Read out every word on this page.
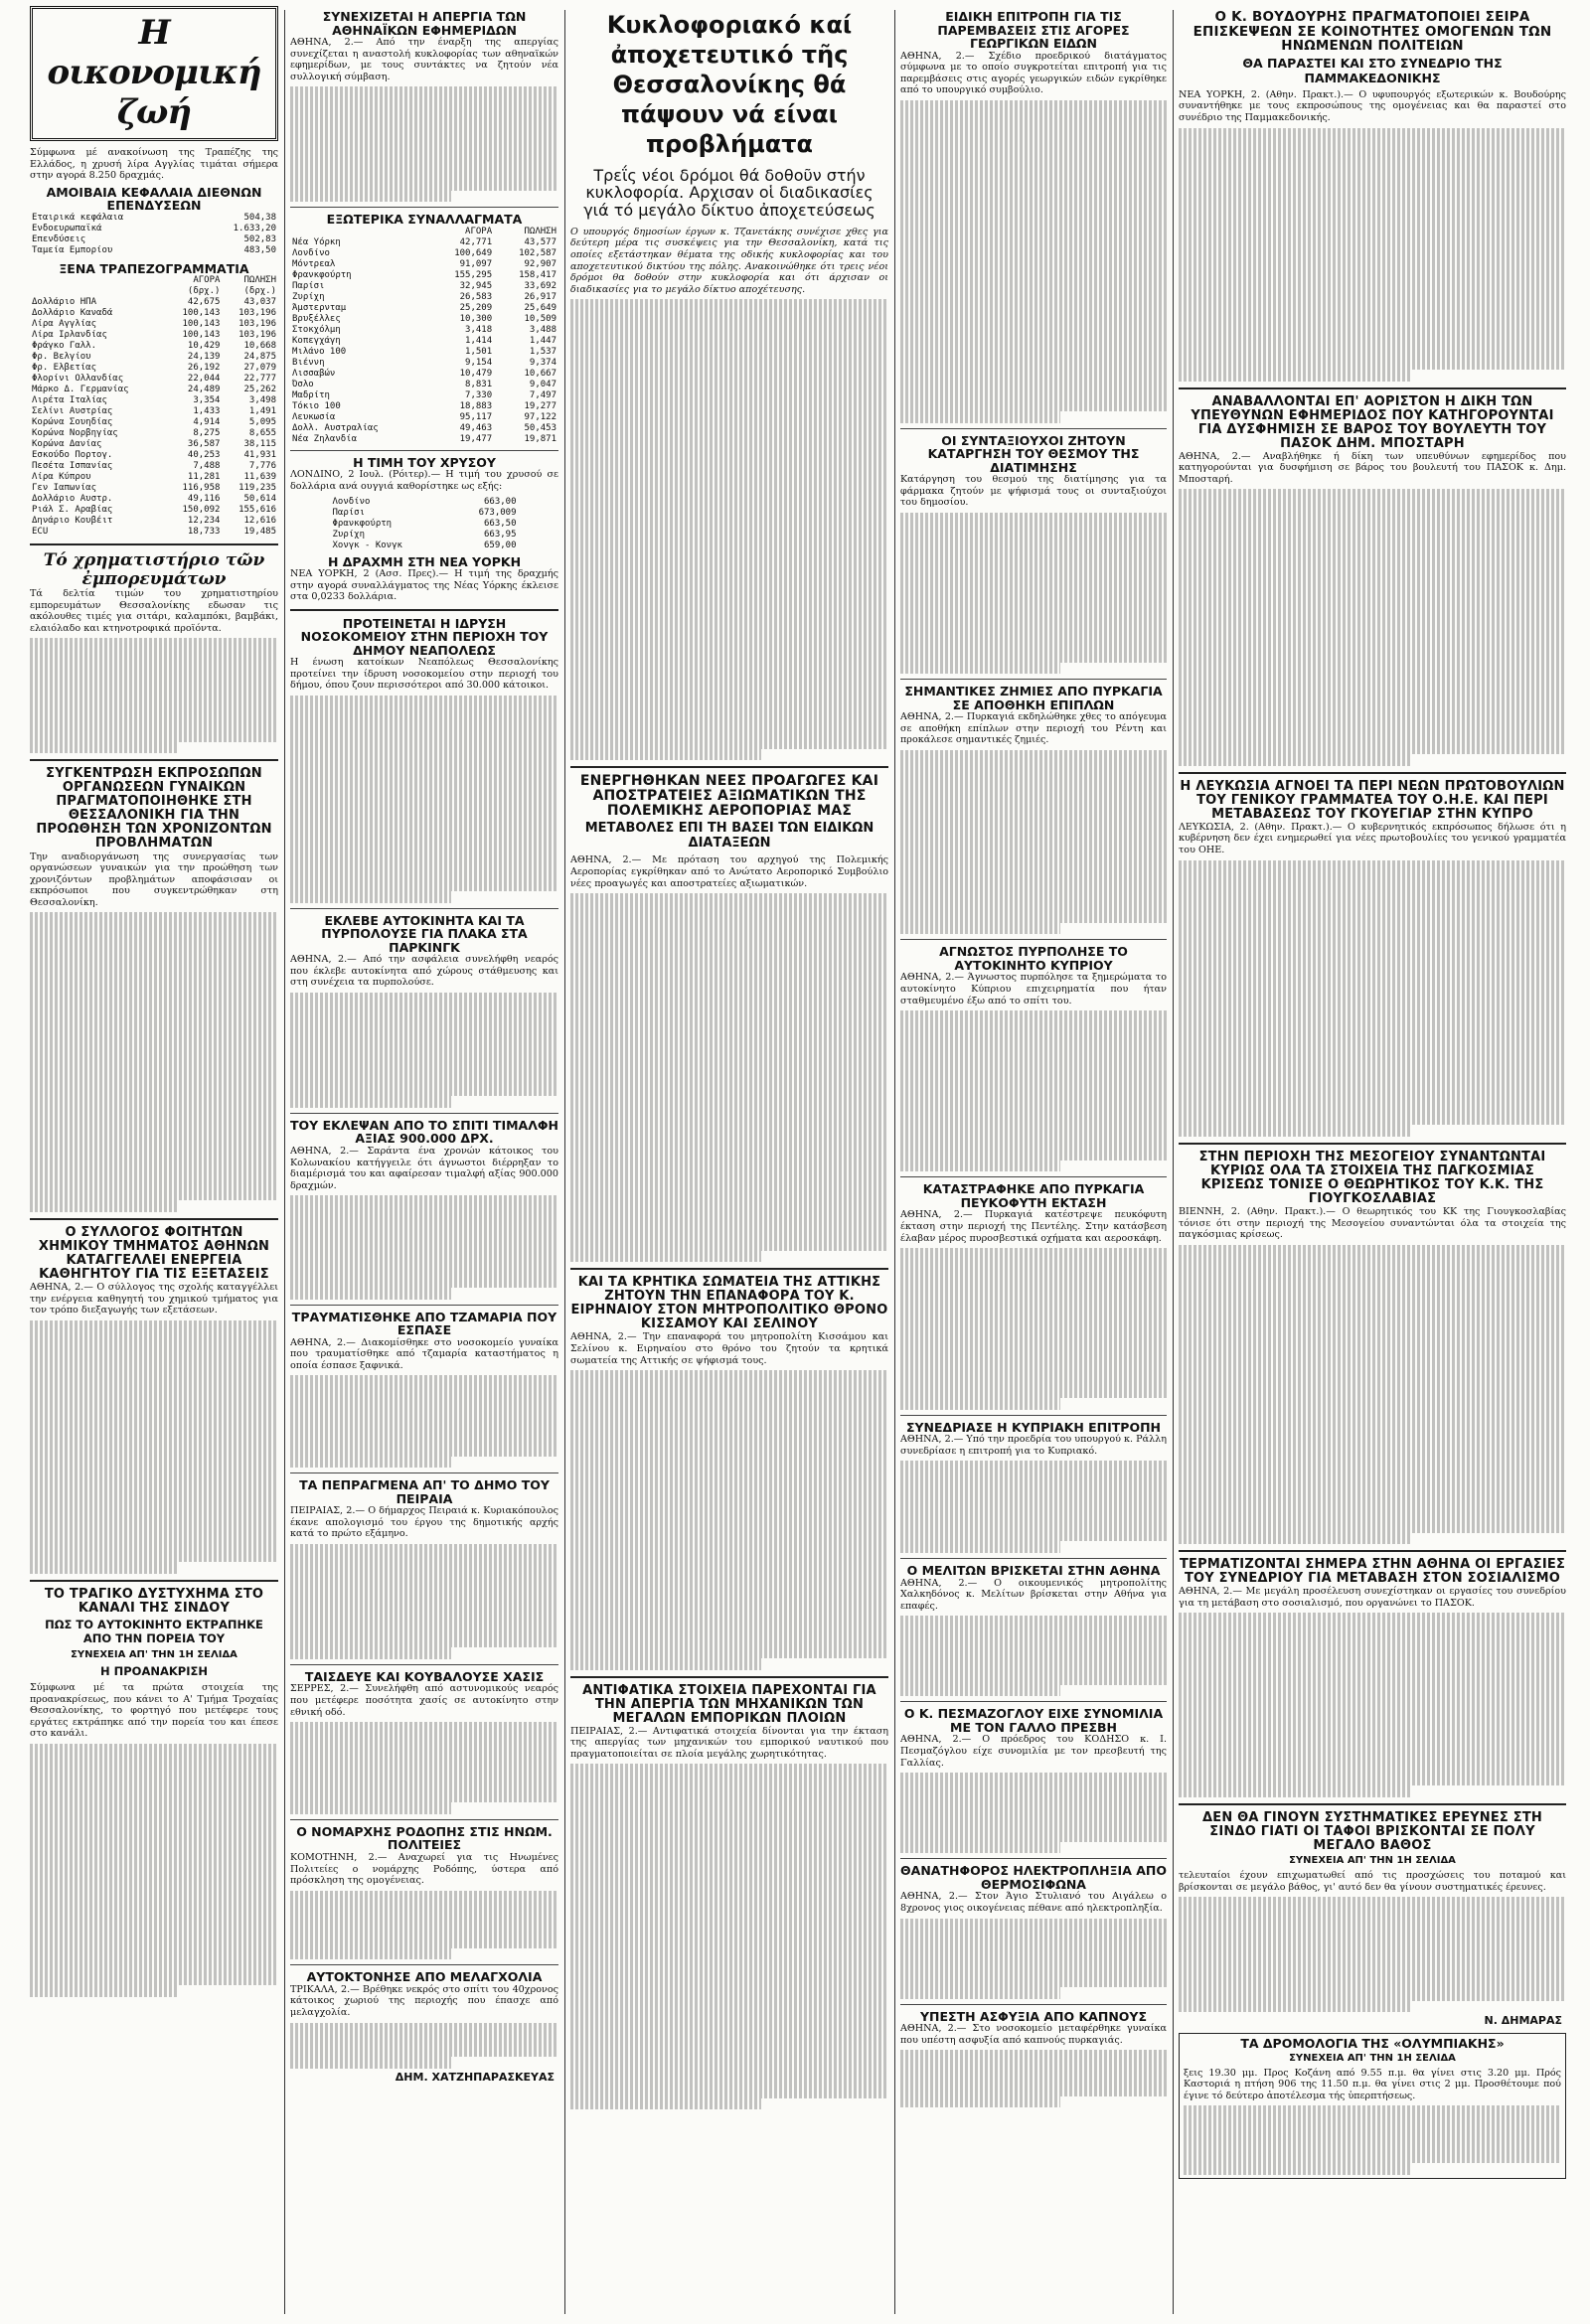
Η οικονομική ζωή

Σύμφωνα μέ ανακοίνωση της Τραπέζης της Ελλάδος, η χρυσή λίρα Αγγλίας τιμάται σήμερα στην αγορά 8.250 δραχμάς.

ΑΜΟΙΒΑΙΑ ΚΕΦΑΛΑΙΑ ΔΙΕΘΝΩΝ ΕΠΕΝΔΥΣΕΩΝ
Εταιρικά κεφάλαια	504,38
Ενδοευρωπαϊκά	1.633,20
Επενδύσεις	502,83
Ταμεία Εμπορίου	483,50
ΞΕΝΑ ΤΡΑΠΕΖΟΓΡΑΜΜΑΤΙΑ
	ΑΓΟΡΑ	ΠΩΛΗΣΗ
	(δρχ.)	(δρχ.)
Δολλάριο ΗΠΑ	42,675	43,037
Δολλάριο Καναδά	100,143	103,196
Λίρα Αγγλίας	100,143	103,196
Λίρα Ιρλανδίας	100,143	103,196
Φράγκο Γαλλ.	10,429	10,668
Φρ. Βελγίου	24,139	24,875
Φρ. Ελβετίας	26,192	27,079
Φλορίνι Ολλανδίας	22,044	22,777
Μάρκο Δ. Γερμανίας	24,489	25,262
Λιρέτα Ιταλίας	3,354	3,498
Σελίνι Αυστρίας	1,433	1,491
Κορώνα Σουηδίας	4,914	5,095
Κορώνα Νορβηγίας	8,275	8,655
Κορώνα Δανίας	36,587	38,115
Εσκούδο Πορτογ.	40,253	41,931
Πεσέτα Ισπανίας	7,488	7,776
Λίρα Κύπρου	11,281	11,639
Γεν Ιαπωνίας	116,958	119,235
Δολλάριο Αυστρ.	49,116	50,614
Ριάλ Σ. Αραβίας	150,092	155,616
Δηνάριο Κουβέιτ	12,234	12,616
ECU	18,733	19,485
Τό χρηματιστήριο τῶν ἐμπορευμάτων

Τά δελτία τιμών του χρηματιστηρίου εμπορευμάτων Θεσσαλονίκης εδωσαν τις ακόλουθες τιμές για σιτάρι, καλαμπόκι, βαμβάκι, ελαιόλαδο και κτηνοτροφικά προϊόντα.

ΣΥΓΚΕΝΤΡΩΣΗ ΕΚΠΡΟΣΩΠΩΝ ΟΡΓΑΝΩΣΕΩΝ ΓΥΝΑΙΚΩΝ ΠΡΑΓΜΑΤΟΠΟΙΗΘΗΚΕ ΣΤΗ ΘΕΣΣΑΛΟΝΙΚΗ ΓΙΑ ΤΗΝ ΠΡΟΩΘΗΣΗ ΤΩΝ ΧΡΟΝΙΖΟΝΤΩΝ ΠΡΟΒΛΗΜΑΤΩΝ

Την αναδιοργάνωση της συνεργασίας των οργανώσεων γυναικών για την προώθηση των χρονιζόντων προβλημάτων αποφάσισαν οι εκπρόσωποι που συγκεντρώθηκαν στη Θεσσαλονίκη.

Ο ΣΥΛΛΟΓΟΣ ΦΟΙΤΗΤΩΝ ΧΗΜΙΚΟΥ ΤΜΗΜΑΤΟΣ ΑΘΗΝΩΝ ΚΑΤΑΓΓΕΛΛΕΙ ΕΝΕΡΓΕΙΑ ΚΑΘΗΓΗΤΟΥ ΓΙΑ ΤΙΣ ΕΞΕΤΑΣΕΙΣ

ΑΘΗΝΑ, 2.— Ο σύλλογος της σχολής καταγγέλλει την ενέργεια καθηγητή του χημικού τμήματος για τον τρόπο διεξαγωγής των εξετάσεων.

ΤΟ ΤΡΑΓΙΚΟ ΔΥΣΤΥΧΗΜΑ ΣΤΟ ΚΑΝΑΛΙ ΤΗΣ ΣΙΝΔΟΥ
ΠΩΣ ΤΟ ΑΥΤΟΚΙΝΗΤΟ ΕΚΤΡΑΠΗΚΕ ΑΠΟ ΤΗΝ ΠΟΡΕΙΑ ΤΟΥ
ΣΥΝΕΧΕΙΑ ΑΠ' ΤΗΝ 1Η ΣΕΛΙΔΑ
Η ΠΡΟΑΝΑΚΡΙΣΗ

Σύμφωνα μέ τα πρώτα στοιχεία της προανακρίσεως, που κάνει το Α' Τμήμα Τροχαίας Θεσσαλονίκης, το φορτηγό που μετέφερε τους εργάτες εκτράπηκε από την πορεία του και έπεσε στο κανάλι.

ΣΥΝΕΧΙΖΕΤΑΙ Η ΑΠΕΡΓΙΑ ΤΩΝ ΑΘΗΝΑΪΚΩΝ ΕΦΗΜΕΡΙΔΩΝ

ΑΘΗΝΑ, 2.— Από την έναρξη της απεργίας συνεχίζεται η αναστολή κυκλοφορίας των αθηναϊκών εφημερίδων, με τους συντάκτες να ζητούν νέα συλλογική σύμβαση.

ΕΞΩΤΕΡΙΚΑ ΣΥΝΑΛΛΑΓΜΑΤΑ
	ΑΓΟΡΑ	ΠΩΛΗΣΗ
Νέα Υόρκη	42,771	43,577
Λονδίνο	100,649	102,587
Μόντρεαλ	91,097	92,907
Φρανκφούρτη	155,295	158,417
Παρίσι	32,945	33,692
Ζυρίχη	26,583	26,917
Άμστερνταμ	25,209	25,649
Βρυξέλλες	10,300	10,509
Στοκχόλμη	3,418	3,488
Κοπεγχάγη	1,414	1,447
Μιλάνο 100	1,501	1,537
Βιέννη	9,154	9,374
Λισσαβών	10,479	10,667
Όσλο	8,831	9,047
Μαδρίτη	7,330	7,497
Τόκιο 100	18,883	19,277
Λευκωσία	95,117	97,122
Δολλ. Αυστραλίας	49,463	50,453
Νέα Ζηλανδία	19,477	19,871
Η ΤΙΜΗ ΤΟΥ ΧΡΥΣΟΥ

ΛΟΝΔΙΝΟ, 2 Ιουλ. (Ρόιτερ).— Η τιμή του χρυσού σε δολλάρια ανά ουγγιά καθορίστηκε ως εξής:

Λονδίνο	663,00
Παρίσι	673,009
Φρανκφούρτη	663,50
Ζυρίχη	663,95
Χονγκ - Κονγκ	659,00
Η ΔΡΑΧΜΗ ΣΤΗ ΝΕΑ ΥΟΡΚΗ

ΝΕΑ ΥΟΡΚΗ, 2 (Ασσ. Πρες).— Η τιμή της δραχμής στην αγορά συναλλάγματος της Νέας Υόρκης έκλεισε στα 0,0233 δολλάρια.

ΠΡΟΤΕΙΝΕΤΑΙ Η ΙΔΡΥΣΗ ΝΟΣΟΚΟΜΕΙΟΥ ΣΤΗΝ ΠΕΡΙΟΧΗ ΤΟΥ ΔΗΜΟΥ ΝΕΑΠΟΛΕΩΣ

Η ένωση κατοίκων Νεαπόλεως Θεσσαλονίκης προτείνει την ίδρυση νοσοκομείου στην περιοχή του δήμου, όπου ζουν περισσότεροι από 30.000 κάτοικοι.

ΕΚΛΕΒΕ ΑΥΤΟΚΙΝΗΤΑ ΚΑΙ ΤΑ ΠΥΡΠΟΛΟΥΣΕ ΓΙΑ ΠΛΑΚΑ ΣΤΑ ΠΑΡΚΙΝΓΚ

ΑΘΗΝΑ, 2.— Από την ασφάλεια συνελήφθη νεαρός που έκλεβε αυτοκίνητα από χώρους στάθμευσης και στη συνέχεια τα πυρπολούσε.

ΤΟΥ ΕΚΛΕΨΑΝ ΑΠΟ ΤΟ ΣΠΙΤΙ ΤΙΜΑΛΦΗ ΑΞΙΑΣ 900.000 ΔΡΧ.

ΑΘΗΝΑ, 2.— Σαράντα ένα χρονών κάτοικος του Κολωνακίου κατήγγειλε ότι άγνωστοι διέρρηξαν το διαμέρισμά του και αφαίρεσαν τιμαλφή αξίας 900.000 δραχμών.

ΤΡΑΥΜΑΤΙΣΘΗΚΕ ΑΠΟ ΤΖΑΜΑΡΙΑ ΠΟΥ ΕΣΠΑΣΕ

ΑΘΗΝΑ, 2.— Διακομίσθηκε στο νοσοκομείο γυναίκα που τραυματίσθηκε από τζαμαρία καταστήματος η οποία έσπασε ξαφνικά.

ΤΑ ΠΕΠΡΑΓΜΕΝΑ ΑΠ' ΤΟ ΔΗΜΟ ΤΟΥ ΠΕΙΡΑΙΑ

ΠΕΙΡΑΙΑΣ, 2.— Ο δήμαρχος Πειραιά κ. Κυριακόπουλος έκανε απολογισμό του έργου της δημοτικής αρχής κατά το πρώτο εξάμηνο.

ΤΑΙΣΔΕΥΕ ΚΑΙ ΚΟΥΒΑΛΟΥΣΕ ΧΑΣΙΣ

ΣΕΡΡΕΣ, 2.— Συνελήφθη από αστυνομικούς νεαρός που μετέφερε ποσότητα χασίς σε αυτοκίνητο στην εθνική οδό.

Ο ΝΟΜΑΡΧΗΣ ΡΟΔΟΠΗΣ ΣΤΙΣ ΗΝΩΜ. ΠΟΛΙΤΕΙΕΣ

ΚΟΜΟΤΗΝΗ, 2.— Αναχωρεί για τις Ηνωμένες Πολιτείες ο νομάρχης Ροδόπης, ύστερα από πρόσκληση της ομογένειας.

ΑΥΤΟΚΤΟΝΗΣΕ ΑΠΟ ΜΕΛΑΓΧΟΛΙΑ

ΤΡΙΚΑΛΑ, 2.— Βρέθηκε νεκρός στο σπίτι του 40χρονος κάτοικος χωριού της περιοχής που έπασχε από μελαγχολία.

ΔΗΜ. ΧΑΤΖΗΠΑΡΑΣΚΕΥΑΣ
Κυκλοφοριακό καί ἀποχετευτικό τῆς Θεσσαλονίκης θά πάψουν νά είναι προβλήματα
Τρεΐς νέοι δρόμοι θά δοθοῦν στήν κυκλοφορία. Αρχισαν οἱ διαδικασίες γιά τό μεγάλο δίκτυο ἀποχετεύσεως

Ο υπουργός δημοσίων έργων κ. Τζανετάκης συνέχισε χθες για δεύτερη μέρα τις συσκέψεις για την Θεσσαλονίκη, κατά τις οποίες εξετάστηκαν θέματα της οδικής κυκλοφορίας και του αποχετευτικού δικτύου της πόλης. Ανακοινώθηκε ότι τρεις νέοι δρόμοι θα δοθούν στην κυκλοφορία και ότι άρχισαν οι διαδικασίες για το μεγάλο δίκτυο αποχέτευσης.

ΕΝΕΡΓΗΘΗΚΑΝ ΝΕΕΣ ΠΡΟΑΓΩΓΕΣ ΚΑΙ ΑΠΟΣΤΡΑΤΕΙΕΣ ΑΞΙΩΜΑΤΙΚΩΝ ΤΗΣ ΠΟΛΕΜΙΚΗΣ ΑΕΡΟΠΟΡΙΑΣ ΜΑΣ
ΜΕΤΑΒΟΛΕΣ ΕΠΙ ΤΗ ΒΑΣΕΙ ΤΩΝ ΕΙΔΙΚΩΝ ΔΙΑΤΑΞΕΩΝ

ΑΘΗΝΑ, 2.— Με πρόταση του αρχηγού της Πολεμικής Αεροπορίας εγκρίθηκαν από το Ανώτατο Αεροπορικό Συμβούλιο νέες προαγωγές και αποστρατείες αξιωματικών.

ΚΑΙ ΤΑ ΚΡΗΤΙΚΑ ΣΩΜΑΤΕΙΑ ΤΗΣ ΑΤΤΙΚΗΣ ΖΗΤΟΥΝ ΤΗΝ ΕΠΑΝΑΦΟΡΑ ΤΟΥ Κ. ΕΙΡΗΝΑΙΟΥ ΣΤΟΝ ΜΗΤΡΟΠΟΛΙΤΙΚΟ ΘΡΟΝΟ ΚΙΣΣΑΜΟΥ ΚΑΙ ΣΕΛΙΝΟΥ

ΑΘΗΝΑ, 2.— Την επαναφορά του μητροπολίτη Κισσάμου και Σελίνου κ. Ειρηναίου στο θρόνο του ζητούν τα κρητικά σωματεία της Αττικής σε ψήφισμά τους.

ΑΝΤΙΦΑΤΙΚΑ ΣΤΟΙΧΕΙΑ ΠΑΡΕΧΟΝΤΑΙ ΓΙΑ ΤΗΝ ΑΠΕΡΓΙΑ ΤΩΝ ΜΗΧΑΝΙΚΩΝ ΤΩΝ ΜΕΓΑΛΩΝ ΕΜΠΟΡΙΚΩΝ ΠΛΟΙΩΝ

ΠΕΙΡΑΙΑΣ, 2.— Αντιφατικά στοιχεία δίνονται για την έκταση της απεργίας των μηχανικών του εμπορικού ναυτικού που πραγματοποιείται σε πλοία μεγάλης χωρητικότητας.

ΕΙΔΙΚΗ ΕΠΙΤΡΟΠΗ ΓΙΑ ΤΙΣ ΠΑΡΕΜΒΑΣΕΙΣ ΣΤΙΣ ΑΓΟΡΕΣ ΓΕΩΡΓΙΚΩΝ ΕΙΔΩΝ

ΑΘΗΝΑ, 2.— Σχέδιο προεδρικού διατάγματος σύμφωνα με το οποίο συγκροτείται επιτροπή για τις παρεμβάσεις στις αγορές γεωργικών ειδών εγκρίθηκε από το υπουργικό συμβούλιο.

ΟΙ ΣΥΝΤΑΞΙΟΥΧΟΙ ΖΗΤΟΥΝ ΚΑΤΑΡΓΗΣΗ ΤΟΥ ΘΕΣΜΟΥ ΤΗΣ ΔΙΑΤΙΜΗΣΗΣ

Κατάργηση του θεσμού της διατίμησης για τα φάρμακα ζητούν με ψήφισμά τους οι συνταξιούχοι του δημοσίου.

ΣΗΜΑΝΤΙΚΕΣ ΖΗΜΙΕΣ ΑΠΟ ΠΥΡΚΑΓΙΑ ΣΕ ΑΠΟΘΗΚΗ ΕΠΙΠΛΩΝ

ΑΘΗΝΑ, 2.— Πυρκαγιά εκδηλώθηκε χθες το απόγευμα σε αποθήκη επίπλων στην περιοχή του Ρέντη και προκάλεσε σημαντικές ζημιές.

ΑΓΝΩΣΤΟΣ ΠΥΡΠΟΛΗΣΕ ΤΟ ΑΥΤΟΚΙΝΗΤΟ ΚΥΠΡΙΟΥ

ΑΘΗΝΑ, 2.— Άγνωστος πυρπόλησε τα ξημερώματα το αυτοκίνητο Κύπριου επιχειρηματία που ήταν σταθμευμένο έξω από το σπίτι του.

ΚΑΤΑΣΤΡΑΦΗΚΕ ΑΠΟ ΠΥΡΚΑΓΙΑ ΠΕΥΚΟΦΥΤΗ ΕΚΤΑΣΗ

ΑΘΗΝΑ, 2.— Πυρκαγιά κατέστρεψε πευκόφυτη έκταση στην περιοχή της Πεντέλης. Στην κατάσβεση έλαβαν μέρος πυροσβεστικά οχήματα και αεροσκάφη.

ΣΥΝΕΔΡΙΑΣΕ Η ΚΥΠΡΙΑΚΗ ΕΠΙΤΡΟΠΗ

ΑΘΗΝΑ, 2.— Υπό την προεδρία του υπουργού κ. Ράλλη συνεδρίασε η επιτροπή για το Κυπριακό.

Ο ΜΕΛΙΤΩΝ ΒΡΙΣΚΕΤΑΙ ΣΤΗΝ ΑΘΗΝΑ

ΑΘΗΝΑ, 2.— Ο οικουμενικός μητροπολίτης Χαλκηδόνος κ. Μελίτων βρίσκεται στην Αθήνα για επαφές.

Ο Κ. ΠΕΣΜΑΖΟΓΛΟΥ ΕΙΧΕ ΣΥΝΟΜΙΛΙΑ ΜΕ ΤΟΝ ΓΑΛΛΟ ΠΡΕΣΒΗ

ΑΘΗΝΑ, 2.— Ο πρόεδρος του ΚΟΔΗΣΟ κ. Ι. Πεσμαζόγλου είχε συνομιλία με τον πρεσβευτή της Γαλλίας.

ΘΑΝΑΤΗΦΟΡΟΣ ΗΛΕΚΤΡΟΠΛΗΞΙΑ ΑΠΟ ΘΕΡΜΟΣΙΦΩΝΑ

ΑΘΗΝΑ, 2.— Στον Άγιο Στυλιανό του Αιγάλεω ο 8χρονος γιος οικογένειας πέθανε από ηλεκτροπληξία.

ΥΠΕΣΤΗ ΑΣΦΥΞΙΑ ΑΠΟ ΚΑΠΝΟΥΣ

ΑΘΗΝΑ, 2.— Στο νοσοκομείο μεταφέρθηκε γυναίκα που υπέστη ασφυξία από καπνούς πυρκαγιάς.

Ο Κ. ΒΟΥΔΟΥΡΗΣ ΠΡΑΓΜΑΤΟΠΟΙΕΙ ΣΕΙΡΑ ΕΠΙΣΚΕΨΕΩΝ ΣΕ ΚΟΙΝΟΤΗΤΕΣ ΟΜΟΓΕΝΩΝ ΤΩΝ ΗΝΩΜΕΝΩΝ ΠΟΛΙΤΕΙΩΝ
ΘΑ ΠΑΡΑΣΤΕΙ ΚΑΙ ΣΤΟ ΣΥΝΕΔΡΙΟ ΤΗΣ ΠΑΜΜΑΚΕΔΟΝΙΚΗΣ

ΝΕΑ ΥΟΡΚΗ, 2. (Αθην. Πρακτ.).— Ο υφυπουργός εξωτερικών κ. Βουδούρης συναντήθηκε με τους εκπροσώπους της ομογένειας και θα παραστεί στο συνέδριο της Παμμακεδονικής.

ΑΝΑΒΑΛΛΟΝΤΑΙ ΕΠ' ΑΟΡΙΣΤΟΝ Η ΔΙΚΗ ΤΩΝ ΥΠΕΥΘΥΝΩΝ ΕΦΗΜΕΡΙΔΟΣ ΠΟΥ ΚΑΤΗΓΟΡΟΥΝΤΑΙ ΓΙΑ ΔΥΣΦΗΜΙΣΗ ΣΕ ΒΑΡΟΣ ΤΟΥ ΒΟΥΛΕΥΤΗ ΤΟΥ ΠΑΣΟΚ ΔΗΜ. ΜΠΟΣΤΑΡΗ

ΑΘΗΝΑ, 2.— Αναβλήθηκε ή δίκη των υπευθύνων εφημερίδος που κατηγορούνται για δυσφήμιση σε βάρος του βουλευτή του ΠΑΣΟΚ κ. Δημ. Μποσταρή.

Η ΛΕΥΚΩΣΙΑ ΑΓΝΟΕΙ ΤΑ ΠΕΡΙ ΝΕΩΝ ΠΡΩΤΟΒΟΥΛΙΩΝ ΤΟΥ ΓΕΝΙΚΟΥ ΓΡΑΜΜΑΤΕΑ ΤΟΥ Ο.Η.Ε. ΚΑΙ ΠΕΡΙ ΜΕΤΑΒΑΣΕΩΣ ΤΟΥ ΓΚΟΥΕΓΙΑΡ ΣΤΗΝ ΚΥΠΡΟ

ΛΕΥΚΩΣΙΑ, 2. (Αθην. Πρακτ.).— Ο κυβερνητικός εκπρόσωπος δήλωσε ότι η κυβέρνηση δεν έχει ενημερωθεί για νέες πρωτοβουλίες του γενικού γραμματέα του ΟΗΕ.

ΣΤΗΝ ΠΕΡΙΟΧΗ ΤΗΣ ΜΕΣΟΓΕΙΟΥ ΣΥΝΑΝΤΩΝΤΑΙ ΚΥΡΙΩΣ ΟΛΑ ΤΑ ΣΤΟΙΧΕΙΑ ΤΗΣ ΠΑΓΚΟΣΜΙΑΣ ΚΡΙΣΕΩΣ ΤΟΝΙΣΕ Ο ΘΕΩΡΗΤΙΚΟΣ ΤΟΥ Κ.Κ. ΤΗΣ ΓΙΟΥΓΚΟΣΛΑΒΙΑΣ

ΒΙΕΝΝΗ, 2. (Αθην. Πρακτ.).— Ο θεωρητικός του ΚΚ της Γιουγκοσλαβίας τόνισε ότι στην περιοχή της Μεσογείου συναντώνται όλα τα στοιχεία της παγκόσμιας κρίσεως.

ΤΕΡΜΑΤΙΖΟΝΤΑΙ ΣΗΜΕΡΑ ΣΤΗΝ ΑΘΗΝΑ ΟΙ ΕΡΓΑΣΙΕΣ ΤΟΥ ΣΥΝΕΔΡΙΟΥ ΓΙΑ ΜΕΤΑΒΑΣΗ ΣΤΟΝ ΣΟΣΙΑΛΙΣΜΟ

ΑΘΗΝΑ, 2.— Με μεγάλη προσέλευση συνεχίστηκαν οι εργασίες του συνεδρίου για τη μετάβαση στο σοσιαλισμό, που οργανώνει το ΠΑΣΟΚ.

ΔΕΝ ΘΑ ΓΙΝΟΥΝ ΣΥΣΤΗΜΑΤΙΚΕΣ ΕΡΕΥΝΕΣ ΣΤΗ ΣΙΝΔΟ ΓΙΑΤΙ ΟΙ ΤΑΦΟΙ ΒΡΙΣΚΟΝΤΑΙ ΣΕ ΠΟΛΥ ΜΕΓΑΛΟ ΒΑΘΟΣ
ΣΥΝΕΧΕΙΑ ΑΠ' ΤΗΝ 1Η ΣΕΛΙΔΑ

τελευταίοι έχουν επιχωματωθεί από τις προσχώσεις του ποταμού και βρίσκονται σε μεγάλο βάθος, γι' αυτό δεν θα γίνουν συστηματικές έρευνες.

Ν. ΔΗΜΑΡΑΣ
ΤΑ ΔΡΟΜΟΛΟΓΙΑ ΤΗΣ «ΟΛΥΜΠΙΑΚΗΣ»
ΣΥΝΕΧΕΙΑ ΑΠ' ΤΗΝ 1Η ΣΕΛΙΔΑ

ξεις 19.30 μμ. Προς Κοζάνη από 9.55 π.μ. θα γίνει στις 3.20 μμ. Πρός Καστοριά η πτήση 906 της 11.50 π.μ. θα γίνει στις 2 μμ. Προσθέτουμε πού έγινε τό δεύτερο ἀποτέλεσμα τής ὑπερπτήσεως.
